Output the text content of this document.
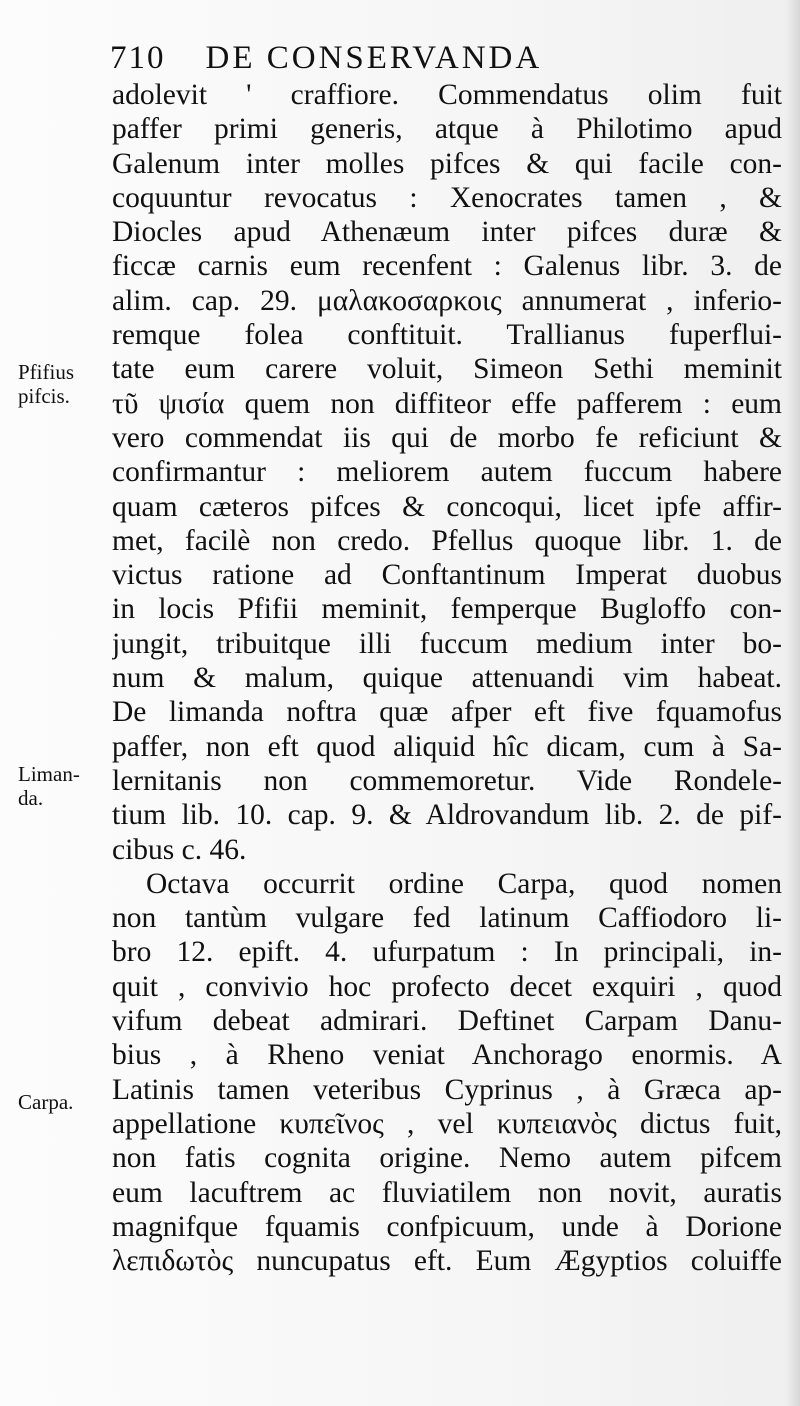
710 DE CONSERVANDA
Pfifius
pifcis.
Liman-
da.
Carpa.
adolevit ' craffiore. Commendatus olim fuit
paffer primi generis, atque à Philotimo apud
Galenum inter molles pifces & qui facile con-
coquuntur revocatus : Xenocrates tamen , &
Diocles apud Athenæum inter pifces duræ &
ficcæ carnis eum recenfent : Galenus libr. 3. de
alim. cap. 29. μαλακοσαρκοις annumerat , inferio-
remque folea conftituit. Trallianus fuperflui-
tate eum carere voluit, Simeon Sethi meminit
τῦ ψισία quem non diffiteor effe pafferem : eum
vero commendat iis qui de morbo fe reficiunt &
confirmantur : meliorem autem fuccum habere
quam cæteros pifces & concoqui, licet ipfe affir-
met, facilè non credo. Pfellus quoque libr. 1. de
victus ratione ad Conftantinum Imperat duobus
in locis Pfifii meminit, femperque Bugloffo con-
jungit, tribuitque illi fuccum medium inter bo-
num & malum, quique attenuandi vim habeat.
De limanda noftra quæ afper eft five fquamofus
paffer, non eft quod aliquid hîc dicam, cum à Sa-
lernitanis non commemoretur. Vide Rondele-
tium lib. 10. cap. 9. & Aldrovandum lib. 2. de pif-
cibus c. 46.
Octava occurrit ordine Carpa, quod nomen
non tantùm vulgare fed latinum Caffiodoro li-
bro 12. epift. 4. ufurpatum : In principali, in-
quit , convivio hoc profecto decet exquiri , quod
vifum debeat admirari. Deftinet Carpam Danu-
bius , à Rheno veniat Anchorago enormis. A
Latinis tamen veteribus Cyprinus , à Græca ap-
appellatione κυπεῖνος , vel κυπειανὸς dictus fuit,
non fatis cognita origine. Nemo autem pifcem
eum lacuftrem ac fluviatilem non novit, auratis
magnifque fquamis confpicuum, unde à Dorione
λεπιδωτὸς nuncupatus eft. Eum Ægyptios coluiffe
